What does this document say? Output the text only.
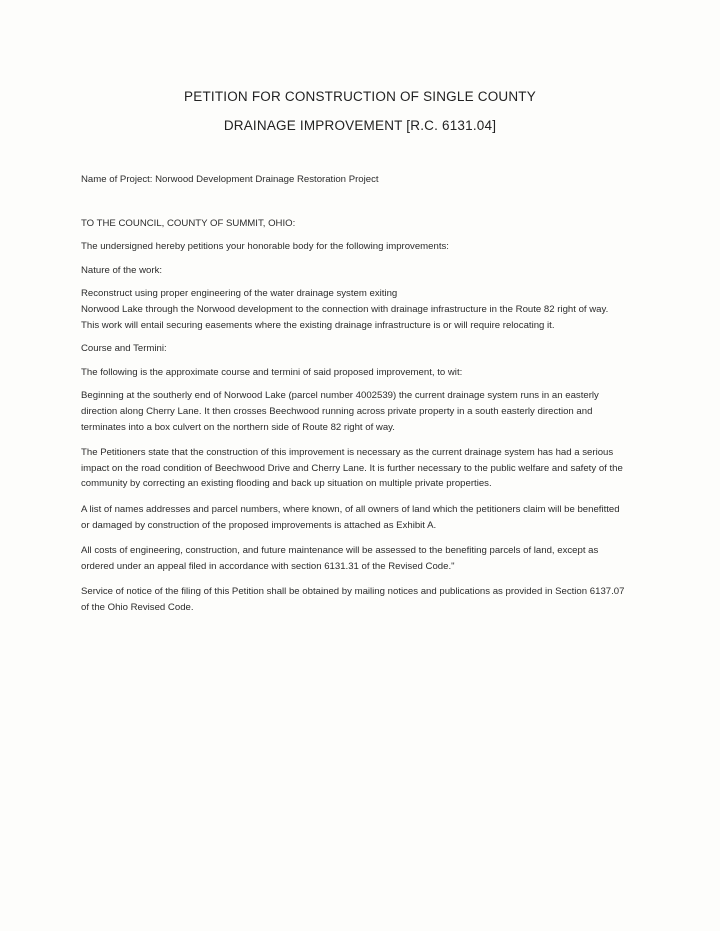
PETITION FOR CONSTRUCTION OF SINGLE COUNTY
DRAINAGE IMPROVEMENT [R.C. 6131.04]

Name of Project: Norwood Development Drainage Restoration Project

TO THE COUNCIL, COUNTY OF SUMMIT, OHIO:

The undersigned hereby petitions your honorable body for the following improvements:

Nature of the work:

Reconstruct using proper engineering of the water drainage system exiting

Norwood Lake through the Norwood development to the connection with drainage infrastructure in the Route 82 right of way. This work will entail securing easements where the existing drainage infrastructure is or will require relocating it.

Course and Termini:

The following is the approximate course and termini of said proposed improvement, to wit:

Beginning at the southerly end of Norwood Lake (parcel number 4002539) the current drainage system runs in an easterly direction along Cherry Lane. It then crosses Beechwood running across private property in a south easterly direction and terminates into a box culvert on the northern side of Route 82 right of way.

The Petitioners state that the construction of this improvement is necessary as the current drainage system has had a serious impact on the road condition of Beechwood Drive and Cherry Lane. It is further necessary to the public welfare and safety of the community by correcting an existing flooding and back up situation on multiple private properties.

A list of names addresses and parcel numbers, where known, of all owners of land which the petitioners claim will be benefitted or damaged by construction of the proposed improvements is attached as Exhibit A.

All costs of engineering, construction, and future maintenance will be assessed to the benefiting parcels of land, except as ordered under an appeal filed in accordance with section 6131.31 of the Revised Code."

Service of notice of the filing of this Petition shall be obtained by mailing notices and publications as provided in Section 6137.07 of the Ohio Revised Code.
